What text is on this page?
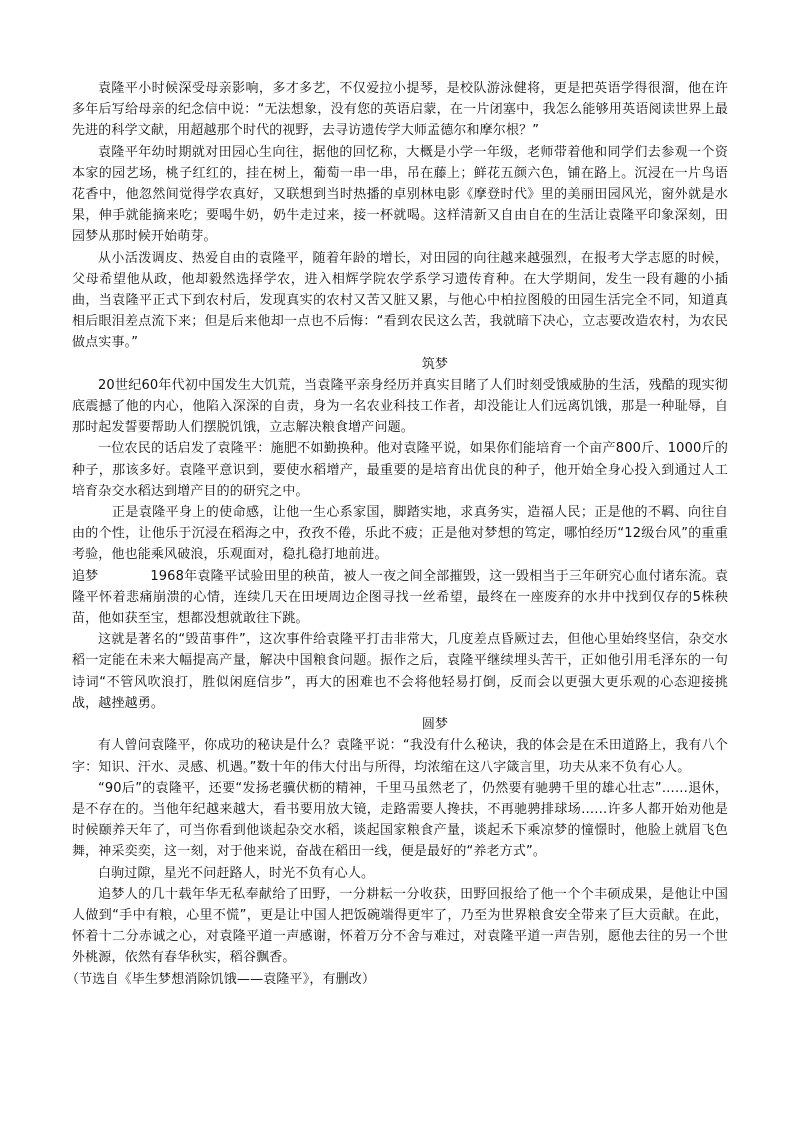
袁隆平小时候深受母亲影响，多才多艺，不仅爱拉小提琴，是校队游泳健将，更是把英语学得很溜，他在许多年后写给母亲的纪念信中说：“无法想象，没有您的英语启蒙，在一片闭塞中，我怎么能够用英语阅读世界上最先进的科学文献，用超越那个时代的视野，去寻访遗传学大师孟德尔和摩尔根？”

袁隆平年幼时期就对田园心生向往，据他的回忆称，大概是小学一年级，老师带着他和同学们去参观一个资本家的园艺场，桃子红红的，挂在树上，葡萄一串一串，吊在藤上；鲜花五颜六色，铺在路上。沉浸在一片鸟语花香中，他忽然间觉得学农真好，又联想到当时热播的卓别林电影《摩登时代》里的美丽田园风光，窗外就是水果，伸手就能摘来吃；要喝牛奶，奶牛走过来，接一杯就喝。这样清新又自由自在的生活让袁隆平印象深刻，田园梦从那时候开始萌芽。

从小活泼调皮、热爱自由的袁隆平，随着年龄的增长，对田园的向往越来越强烈，在报考大学志愿的时候，父母希望他从政，他却毅然选择学农，进入相辉学院农学系学习遗传育种。在大学期间，发生一段有趣的小插曲，当袁隆平正式下到农村后，发现真实的农村又苦又脏又累，与他心中柏拉图般的田园生活完全不同，知道真相后眼泪差点流下来；但是后来他却一点也不后悔：“看到农民这么苦，我就暗下决心，立志要改造农村，为农民做点实事。”

筑梦

20世纪60年代初中国发生大饥荒，当袁隆平亲身经历并真实目睹了人们时刻受饿威胁的生活，残酷的现实彻底震撼了他的内心，他陷入深深的自责，身为一名农业科技工作者，却没能让人们远离饥饿，那是一种耻辱，自那时起发誓要帮助人们摆脱饥饿，立志解决粮食增产问题。

一位农民的话启发了袁隆平：施肥不如勤换种。他对袁隆平说，如果你们能培育一个亩产800斤、1000斤的种子，那该多好。袁隆平意识到，要使水稻增产，最重要的是培育出优良的种子，他开始全身心投入到通过人工培育杂交水稻达到增产目的的研究之中。

正是袁隆平身上的使命感，让他一生心系家国，脚踏实地，求真务实，造福人民；正是他的不羁、向往自由的个性，让他乐于沉浸在稻海之中，孜孜不倦，乐此不疲；正是他对梦想的笃定，哪怕经历“12级台风”的重重考验，他也能乘风破浪，乐观面对，稳扎稳打地前进。

追梦	1968年袁隆平试验田里的秧苗，被人一夜之间全部摧毁，这一毁相当于三年研究心血付诸东流。袁隆平怀着悲痛崩溃的心情，连续几天在田埂周边企图寻找一丝希望，最终在一座废弃的水井中找到仅存的5株秧苗，他如获至宝，想都没想就敢往下跳。

这就是著名的“毁苗事件”，这次事件给袁隆平打击非常大，几度差点昏厥过去，但他心里始终坚信，杂交水稻一定能在未来大幅提高产量，解决中国粮食问题。振作之后，袁隆平继续埋头苦干，正如他引用毛泽东的一句诗词“不管风吹浪打，胜似闲庭信步”，再大的困难也不会将他轻易打倒，反而会以更强大更乐观的心态迎接挑战，越挫越勇。

圆梦

有人曾问袁隆平，你成功的秘诀是什么？袁隆平说：“我没有什么秘诀，我的体会是在禾田道路上，我有八个字：知识、汗水、灵感、机遇。”数十年的伟大付出与所得，均浓缩在这八字箴言里，功夫从来不负有心人。

“90后”的袁隆平，还要“发扬老骥伏枥的精神，千里马虽然老了，仍然要有驰骋千里的雄心壮志”……退休，是不存在的。当他年纪越来越大，看书要用放大镜，走路需要人搀扶，不再驰骋排球场……许多人都开始劝他是时候颐养天年了，可当你看到他谈起杂交水稻，谈起国家粮食产量，谈起禾下乘凉梦的憧憬时，他脸上就眉飞色舞，神采奕奕，这一刻，对于他来说，奋战在稻田一线，便是最好的“养老方式”。

白驹过隙，星光不问赶路人，时光不负有心人。

追梦人的几十载年华无私奉献给了田野，一分耕耘一分收获，田野回报给了他一个个丰硕成果，是他让中国人做到“手中有粮，心里不慌”，更是让中国人把饭碗端得更牢了，乃至为世界粮食安全带来了巨大贡献。在此，怀着十二分赤诚之心，对袁隆平道一声感谢，怀着万分不舍与难过，对袁隆平道一声告别，愿他去往的另一个世外桃源，依然有春华秋实，稻谷飘香。

（节选自《毕生梦想消除饥饿——袁隆平》，有删改）
